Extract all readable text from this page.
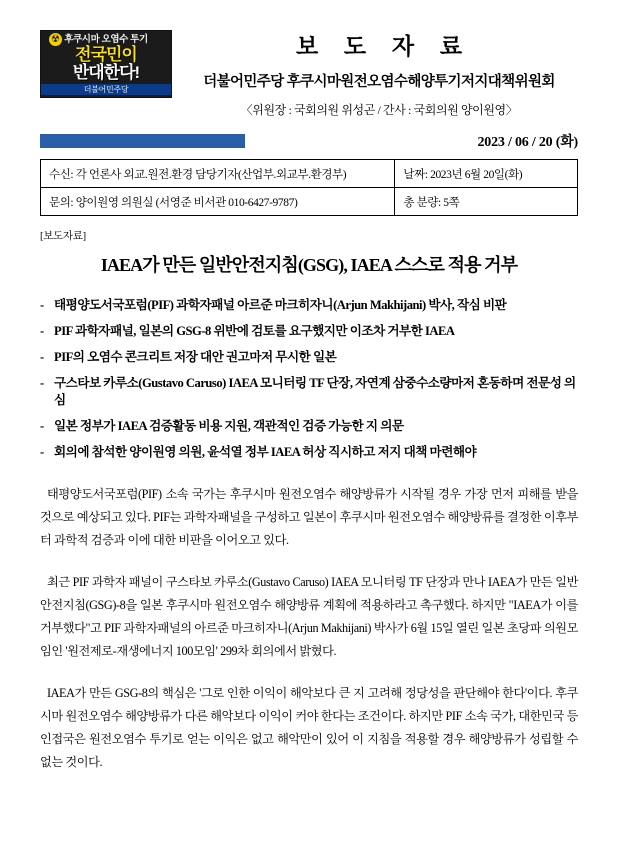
☢ 후쿠시마 오염수 투기
전국민이
반대한다!
더불어민주당
보 도 자 료
더불어민주당 후쿠시마원전오염수해양투기저지대책위원회
〈위원장 : 국회의원 위성곤 / 간사 : 국회의원 양이원영〉
2023 / 06 / 20 (화)
수신: 각 언론사 외교.원전.환경 담당기자(산업부.외교부.환경부)	날짜: 2023년 6월 20일(화)
문의: 양이원영 의원실 (서영준 비서관 010-6427-9787)	총 분량: 5쪽
[보도자료]
IAEA가 만든 일반안전지침(GSG), IAEA 스스로 적용 거부
- 태평양도서국포럼(PIF) 과학자패널 아르준 마크히자니(Arjun Makhijani) 박사, 작심 비판
- PIF 과학자패널, 일본의 GSG-8 위반에 검토를 요구했지만 이조차 거부한 IAEA
- PIF의 오염수 콘크리트 저장 대안 권고마저 무시한 일본
- 구스타보 카루소(Gustavo Caruso) IAEA 모니터링 TF 단장, 자연계 삼중수소량마저 혼동하며 전문성 의심
- 일본 정부가 IAEA 검증활동 비용 지원, 객관적인 검증 가능한 지 의문
- 회의에 참석한 양이원영 의원, 윤석열 정부 IAEA 허상 직시하고 저지 대책 마련해야

태평양도서국포럼(PIF) 소속 국가는 후쿠시마 원전오염수 해양방류가 시작될 경우 가장 먼저 피해를 받을 것으로 예상되고 있다. PIF는 과학자패널을 구성하고 일본이 후쿠시마 원전오염수 해양방류를 결정한 이후부터 과학적 검증과 이에 대한 비판을 이어오고 있다.

최근 PIF 과학자 패널이 구스타보 카루소(Gustavo Caruso) IAEA 모니터링 TF 단장과 만나 IAEA가 만든 일반안전지침(GSG)-8을 일본 후쿠시마 원전오염수 해양방류 계획에 적용하라고 촉구했다. 하지만 "IAEA가 이를 거부했다"고 PIF 과학자패널의 아르준 마크히자니(Arjun Makhijani) 박사가 6월 15일 열린 일본 초당파 의원모임인 '원전제로-재생에너지 100모임' 299차 회의에서 밝혔다.

IAEA가 만든 GSG-8의 핵심은 '그로 인한 이익이 해악보다 큰 지 고려해 정당성을 판단해야 한다'이다. 후쿠시마 원전오염수 해양방류가 다른 해악보다 이익이 커야 한다는 조건이다. 하지만 PIF 소속 국가, 대한민국 등 인접국은 원전오염수 투기로 얻는 이익은 없고 해악만이 있어 이 지침을 적용할 경우 해양방류가 성립할 수 없는 것이다.
